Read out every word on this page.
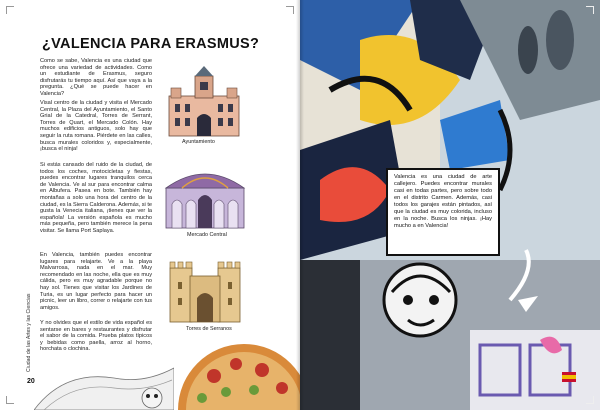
¿VALENCIA PARA ERASMUS?

Como se sabe, Valencia es una ciudad que ofrece una variedad de actividades. Como un estudiante de Erasmus, seguro disfrutarás tu tiempo aquí. Así que vaya a la pregunta. ¿Qué se puede hacer en Valencia?

Visal centro de la ciudad y visita el Mercado Central, la Plaza del Ayuntamiento, el Santo Grial de la Catedral, Torres de Serrant, Torres de Quart, el Mercado Colón. Hay muchos edificios antiguos, solo hay que seguir la ruta romana. Piérdete en las calles, busca murales coloridos y, especialmente, ¡busca el ninja!

Si estás cansado del ruido de la ciudad, de todos los coches, motocicletas y fiestas, puedes encontrar lugares tranquilos cerca de Valencia. Ve al sur para encontrar calma en Albufera. Pasea en bote. También hay montañas a solo una hora del centro de la ciudad, es la Sierra Calderona. Además, si te gusta la Venecia italiana, ¡tienes que ver la española! La versión española es mucho más pequeña, pero también merece la pena visitar. Se llama Port Saplaya.

En Valencia, también puedes encontrar lugares para relajarte. Ve a la playa Malvarrosa, nada en el mar. Muy recomendado en las noche, ella que es muy cálida, pero es muy agradable porque no hay sol. Tienes que visitar los Jardines de Turia, es un lugar perfecto para hacer un picnic, leer un libro, correr o relajarte con tus amigos.

Y no olvides que el estilo de vida español es sentarse en bares y restaurantes y disfrutar el sabor de la comida. Prueba platos típicos y bebidas como paella, arroz al horno, horchata o clochina.

Ayuntamiento
Mercado Central
Torres de Serranos
Ciudad de las Artes y las Ciencias
20

Valencia es una ciudad de arte callejero. Puedes encontrar murales casi en todas partes, pero sobre todo en el distrito Carmen. Además, casi todos los garajes están pintados, así que la ciudad es muy colorida, incluso en la noche. Busca los ninjas. ¡Hay mucho a en Valencia!
